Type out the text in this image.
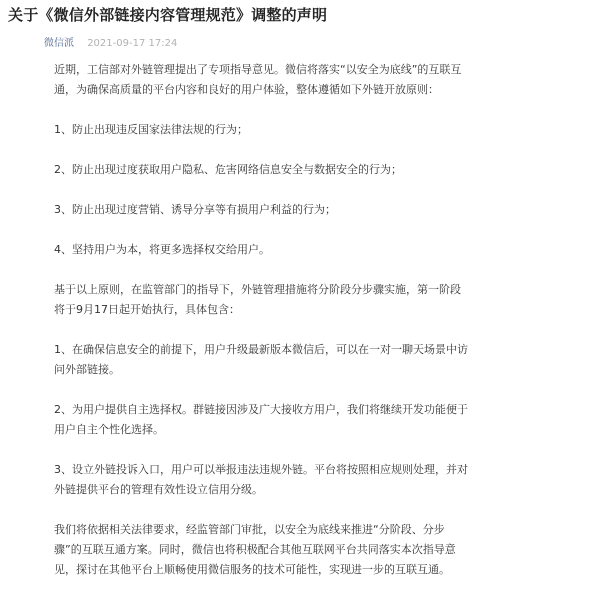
关于《微信外部链接内容管理规范》调整的声明
微信派 2021-09-17 17:24

近期，工信部对外链管理提出了专项指导意见。微信将落实“以安全为底线”的互联互通，为确保高质量的平台内容和良好的用户体验，整体遵循如下外链开放原则：

1、防止出现违反国家法律法规的行为；

2、防止出现过度获取用户隐私、危害网络信息安全与数据安全的行为；

3、防止出现过度营销、诱导分享等有损用户利益的行为；

4、坚持用户为本，将更多选择权交给用户。

基于以上原则，在监管部门的指导下，外链管理措施将分阶段分步骤实施，第一阶段将于9月17日起开始执行，具体包含：

1、在确保信息安全的前提下，用户升级最新版本微信后，可以在一对一聊天场景中访问外部链接。

2、为用户提供自主选择权。群链接因涉及广大接收方用户，我们将继续开发功能便于用户自主个性化选择。

3、设立外链投诉入口，用户可以举报违法违规外链。平台将按照相应规则处理，并对外链提供平台的管理有效性设立信用分级。

我们将依据相关法律要求，经监管部门审批，以安全为底线来推进“分阶段、分步骤”的互联互通方案。同时，微信也将积极配合其他互联网平台共同落实本次指导意见，探讨在其他平台上顺畅使用微信服务的技术可能性，实现进一步的互联互通。
